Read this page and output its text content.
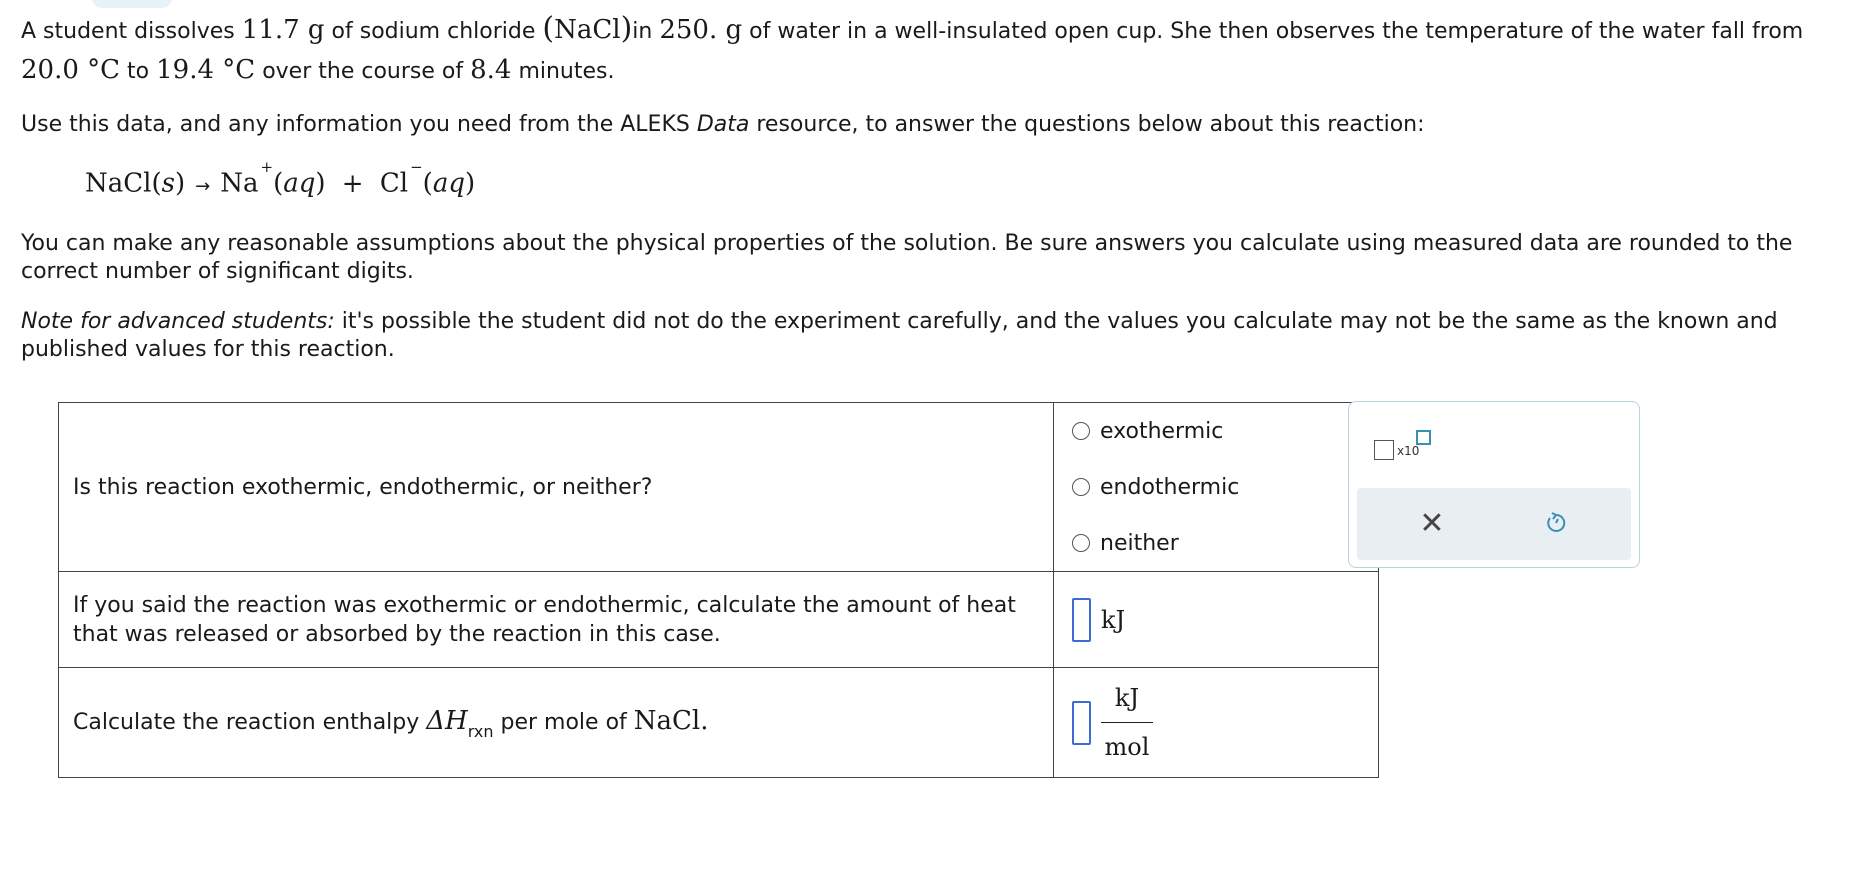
A student dissolves 11.7 g of sodium chloride (NaCl)in 250. g of water in a well-insulated open cup. She then observes the temperature of the water fall from 20.0 °C to 19.4 °C over the course of 8.4 minutes.
Use this data, and any information you need from the ALEKS Data resource, to answer the questions below about this reaction:
NaCl(s) → Na+(aq) + Cl−(aq)
You can make any reasonable assumptions about the physical properties of the solution. Be sure answers you calculate using measured data are rounded to the correct number of significant digits.
Note for advanced students: it's possible the student did not do the experiment carefully, and the values you calculate may not be the same as the known and published values for this reaction.
Is this reaction exothermic, endothermic, or neither?	exothermic
endothermic
neither

If you said the reaction was exothermic or endothermic, calculate the amount of heat that was released or absorbed by the reaction in this case.	kJ

Calculate the reaction enthalpy $\Delta H_{rxn}$ per mole of NaCl.	$\frac{kJ}{\text{mol}}$
x10
✕
